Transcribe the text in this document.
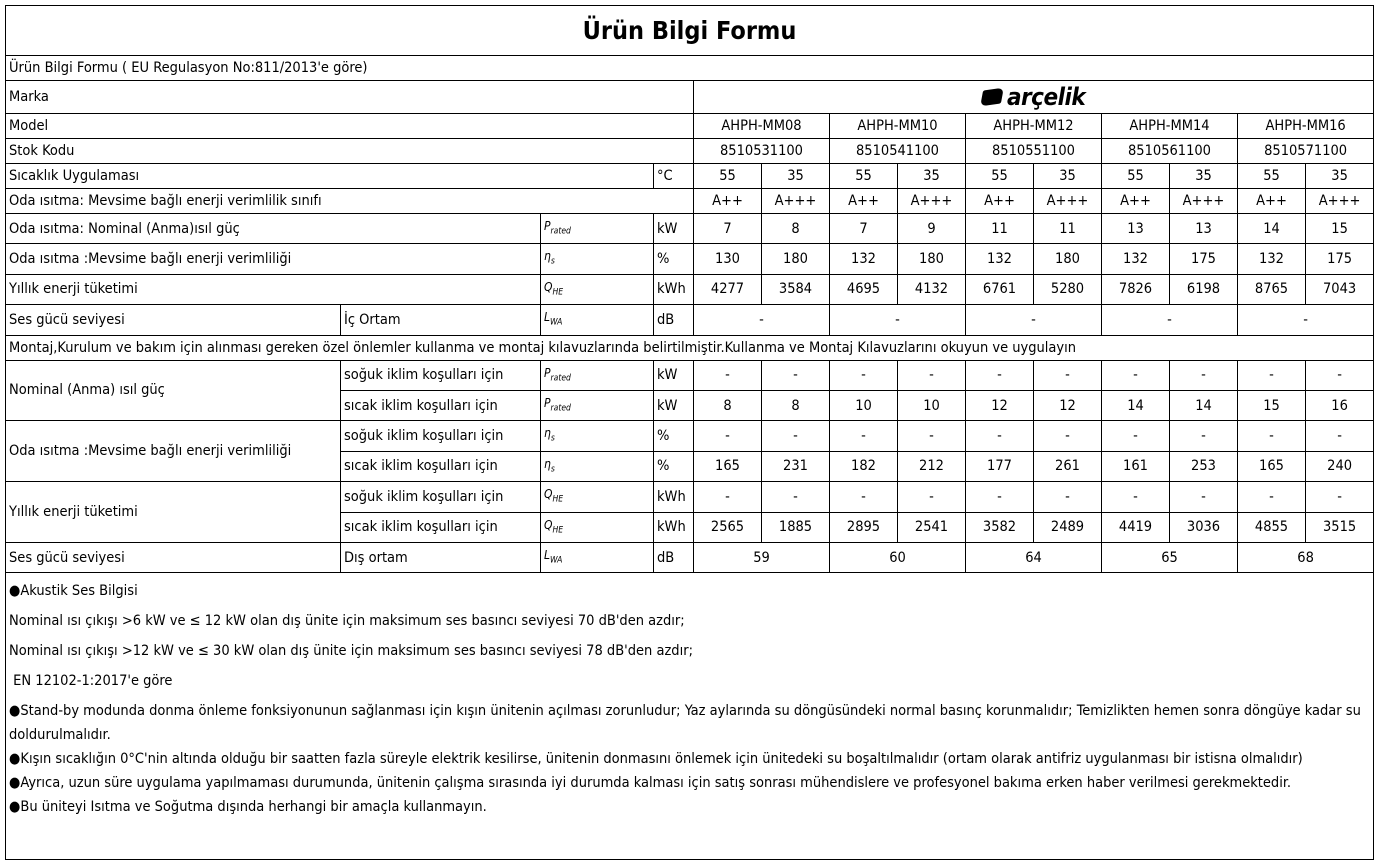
Ürün Bilgi Formu
Ürün Bilgi Formu ( EU Regulasyon No:811/2013'e göre)													
Marka				arçelik									

Model				AHPH-MM08		AHPH-MM10		AHPH-MM12		AHPH-MM14		AHPH-MM16	
Stok Kodu				8510531100		8510541100		8510551100		8510561100		8510571100	
Sıcaklık Uygulaması			°C	55	35	55	35	55	35	55	35	55	35
Oda ısıtma: Mevsime bağlı enerji verimlilik sınıfı				A++	A+++	A++	A+++	A++	A+++	A++	A+++	A++	A+++
Oda ısıtma: Nominal (Anma)ısıl güç		$P_{rated}$	kW	7	8	7	9	11	11	13	13	14	15
Oda ısıtma :Mevsime bağlı enerji verimliliği		$\eta_s$	%	130	180	132	180	132	180	132	175	132	175
Yıllık enerji tüketimi		$Q_{HE}$	kWh	4277	3584	4695	4132	6761	5280	7826	6198	8765	7043
Ses gücü seviyesi	İç Ortam	$L_{WA}$	dB	-		-		-		-		-	
Montaj,Kurulum ve bakım için alınması gereken özel önlemler kullanma ve montaj kılavuzlarında belirtilmiştir.Kullanma ve Montaj Kılavuzlarını okuyun ve uygulayın													
Nominal (Anma) ısıl güç	soğuk iklim koşulları için	$P_{rated}$	kW	-	-	-	-	-	-	-	-	-	-
	sıcak iklim koşulları için	$P_{rated}$	kW	8	8	10	10	12	12	14	14	15	16
Oda ısıtma :Mevsime bağlı enerji verimliliği	soğuk iklim koşulları için	$\eta_s$	%	-	-	-	-	-	-	-	-	-	-
	sıcak iklim koşulları için	$\eta_s$	%	165	231	182	212	177	261	161	253	165	240
Yıllık enerji tüketimi	soğuk iklim koşulları için	$Q_{HE}$	kWh	-	-	-	-	-	-	-	-	-	-
	sıcak iklim koşulları için	$Q_{HE}$	kWh	2565	1885	2895	2541	3582	2489	4419	3036	4855	3515
Ses gücü seviyesi	Dış ortam	$L_{WA}$	dB	59		60		64		65		68	

●Akustik Ses Bilgisi

Nominal ısı çıkışı >6 kW ve ≤ 12 kW olan dış ünite için maksimum ses basıncı seviyesi 70 dB'den azdır;

Nominal ısı çıkışı >12 kW ve ≤ 30 kW olan dış ünite için maksimum ses basıncı seviyesi 78 dB'den azdır;

EN 12102-1:2017'e göre

●Stand-by modunda donma önleme fonksiyonunun sağlanması için kışın ünitenin açılması zorunludur; Yaz aylarında su döngüsündeki normal basınç korunmalıdır; Temizlikten hemen sonra döngüye kadar su doldurulmalıdır.

●Kışın sıcaklığın 0°C'nin altında olduğu bir saatten fazla süreyle elektrik kesilirse, ünitenin donmasını önlemek için ünitedeki su boşaltılmalıdır (ortam olarak antifriz uygulanması bir istisna olmalıdır)

●Ayrıca, uzun süre uygulama yapılmaması durumunda, ünitenin çalışma sırasında iyi durumda kalması için satış sonrası mühendislere ve profesyonel bakıma erken haber verilmesi gerekmektedir.

●Bu üniteyi Isıtma ve Soğutma dışında herhangi bir amaçla kullanmayın.
